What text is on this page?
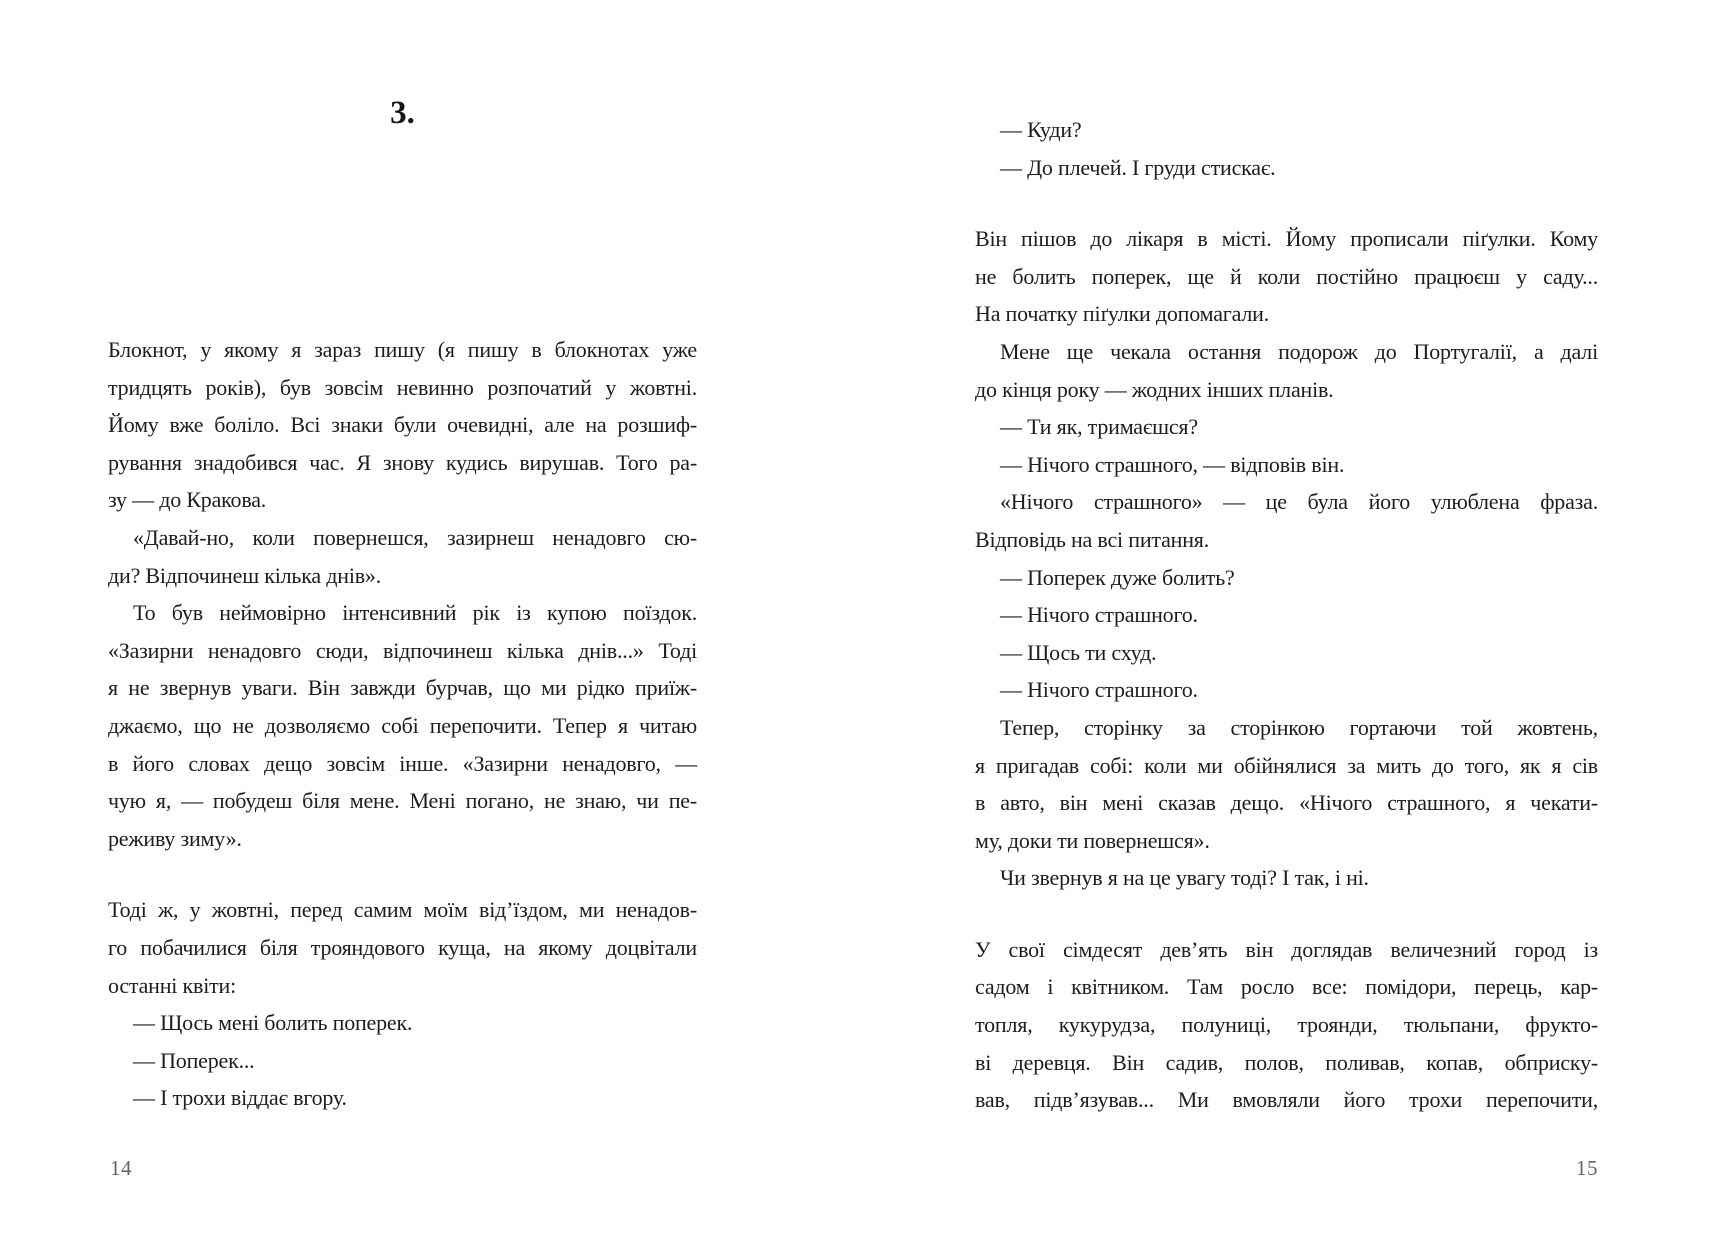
3.
Блокнот, у якому я зараз пишу (я пишу в блокнотах уже
тридцять років), був зовсім невинно розпочатий у жовтні.
Йому вже боліло. Всі знаки були очевидні, але на розшиф-
рування знадобився час. Я знову кудись вирушав. Того ра-
зу — до Кракова.
«Давай-но, коли повернешся, зазирнеш ненадовго сю-
ди? Відпочинеш кілька днів».
То був неймовірно інтенсивний рік із купою поїздок.
«Зазирни ненадовго сюди, відпочинеш кілька днів...» Тоді
я не звернув уваги. Він завжди бурчав, що ми рідко приїж-
джаємо, що не дозволяємо собі перепочити. Тепер я читаю
в його словах дещо зовсім інше. «Зазирни ненадовго, —
чую я, — побудеш біля мене. Мені погано, не знаю, чи пе-
реживу зиму».
Тоді ж, у жовтні, перед самим моїм від’їздом, ми ненадов-
го побачилися біля трояндового куща, на якому доцвітали
останні квіти:
— Щось мені болить поперек.
— Поперек...
— І трохи віддає вгору.
14
— Куди?
— До плечей. І груди стискає.
Він пішов до лікаря в місті. Йому прописали піґулки. Кому
не болить поперек, ще й коли постійно працюєш у саду...
На початку піґулки допомагали.
Мене ще чекала остання подорож до Португалії, а далі
до кінця року — жодних інших планів.
— Ти як, тримаєшся?
— Нічого страшного, — відповів він.
«Нічого страшного» — це була його улюблена фраза.
Відповідь на всі питання.
— Поперек дуже болить?
— Нічого страшного.
— Щось ти схуд.
— Нічого страшного.
Тепер, сторінку за сторінкою гортаючи той жовтень,
я пригадав собі: коли ми обійнялися за мить до того, як я сів
в авто, він мені сказав дещо. «Нічого страшного, я чекати-
му, доки ти повернешся».
Чи звернув я на це увагу тоді? І так, і ні.
У свої сімдесят дев’ять він доглядав величезний город із
садом і квітником. Там росло все: помідори, перець, кар-
топля, кукурудза, полуниці, троянди, тюльпани, фрукто-
ві деревця. Він садив, полов, поливав, копав, обприску-
вав, підв’язував... Ми вмовляли його трохи перепочити,
15
